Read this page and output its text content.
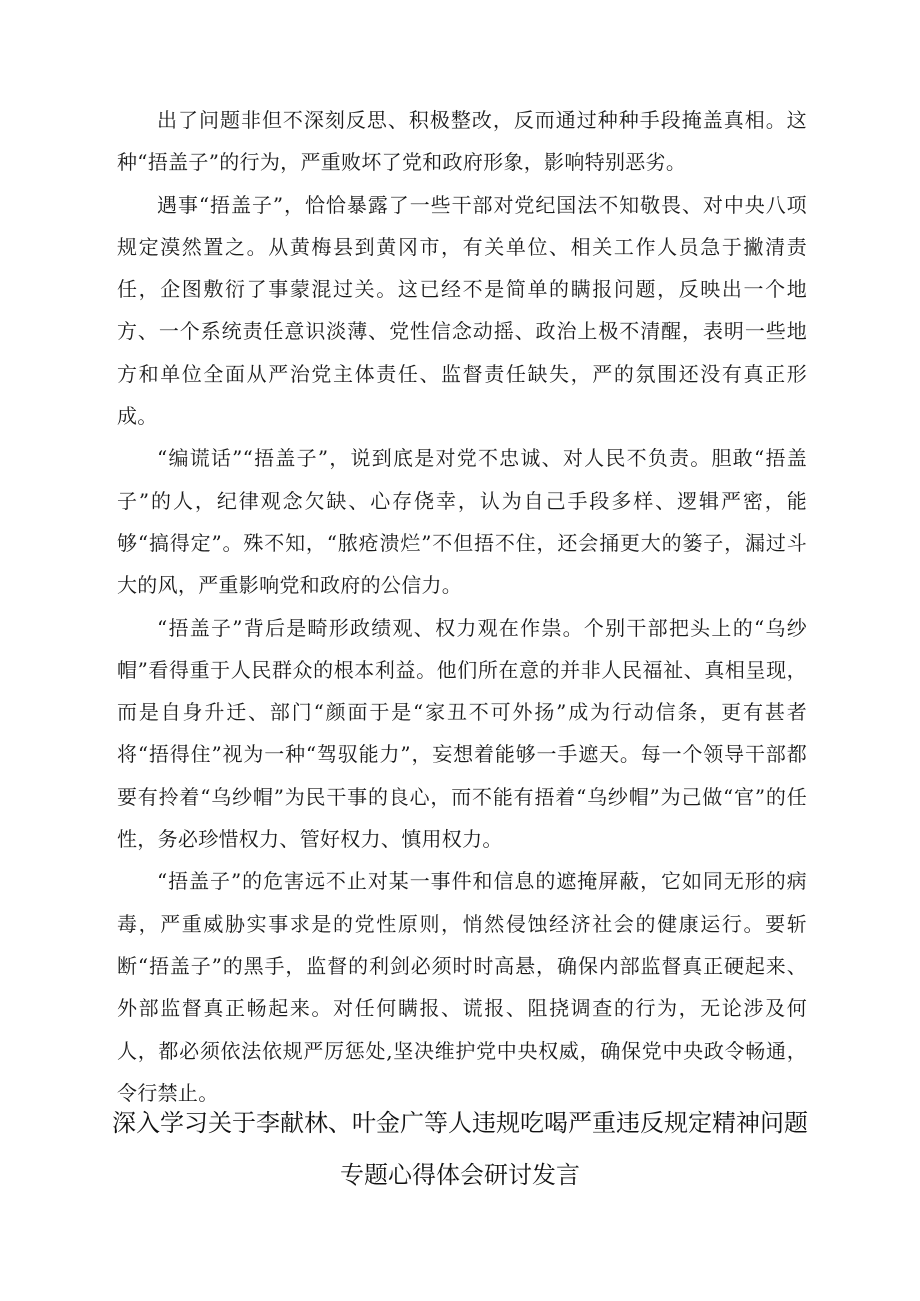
出了问题非但不深刻反思、积极整改，反而通过种种手段掩盖真相。这种“捂盖子”的行为，严重败坏了党和政府形象，影响特别恶劣。

遇事“捂盖子”，恰恰暴露了一些干部对党纪国法不知敬畏、对中央八项规定漠然置之。从黄梅县到黄冈市，有关单位、相关工作人员急于撇清责任，企图敷衍了事蒙混过关。这已经不是简单的瞒报问题，反映出一个地方、一个系统责任意识淡薄、党性信念动摇、政治上极不清醒，表明一些地方和单位全面从严治党主体责任、监督责任缺失，严的氛围还没有真正形成。

“编谎话”“捂盖子”，说到底是对党不忠诚、对人民不负责。胆敢“捂盖子”的人，纪律观念欠缺、心存侥幸，认为自己手段多样、逻辑严密，能够“搞得定”。殊不知，“脓疮溃烂”不但捂不住，还会捅更大的篓子，漏过斗大的风，严重影响党和政府的公信力。

“捂盖子”背后是畸形政绩观、权力观在作祟。个别干部把头上的“乌纱帽”看得重于人民群众的根本利益。他们所在意的并非人民福祉、真相呈现，而是自身升迁、部门“颜面于是“家丑不可外扬”成为行动信条，更有甚者将“捂得住”视为一种“驾驭能力”，妄想着能够一手遮天。每一个领导干部都要有拎着“乌纱帽”为民干事的良心，而不能有捂着“乌纱帽”为己做“官”的任性，务必珍惜权力、管好权力、慎用权力。

“捂盖子”的危害远不止对某一事件和信息的遮掩屏蔽，它如同无形的病毒，严重威胁实事求是的党性原则，悄然侵蚀经济社会的健康运行。要斩断“捂盖子”的黑手，监督的利剑必须时时高悬，确保内部监督真正硬起来、外部监督真正畅起来。对任何瞒报、谎报、阻挠调查的行为，无论涉及何人，都必须依法依规严厉惩处,坚决维护党中央权威，确保党中央政令畅通，令行禁止。

深入学习关于李献林、叶金广等人违规吃喝严重违反规定精神问题
专题心得体会研讨发言
